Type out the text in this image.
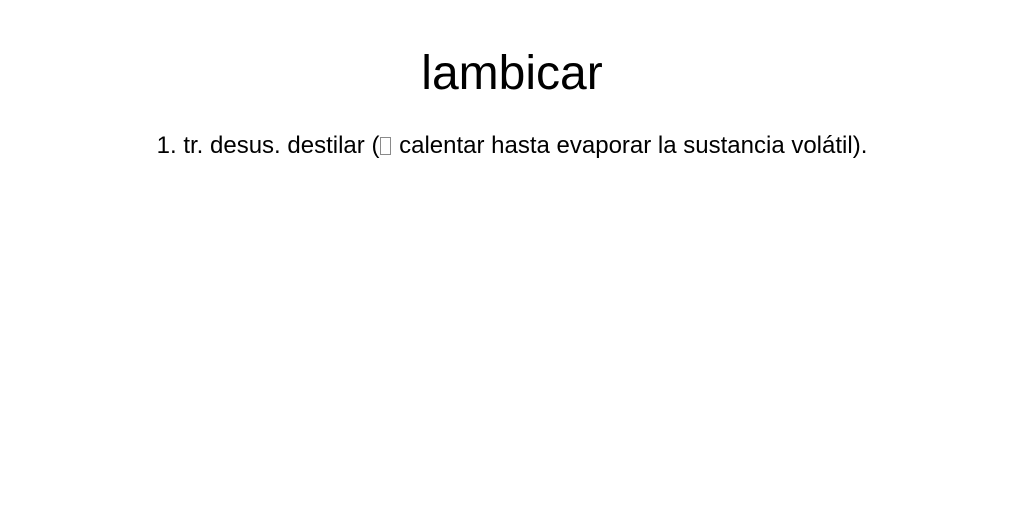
lambicar

1. tr. desus. destilar ( calentar hasta evaporar la sustancia volátil).
